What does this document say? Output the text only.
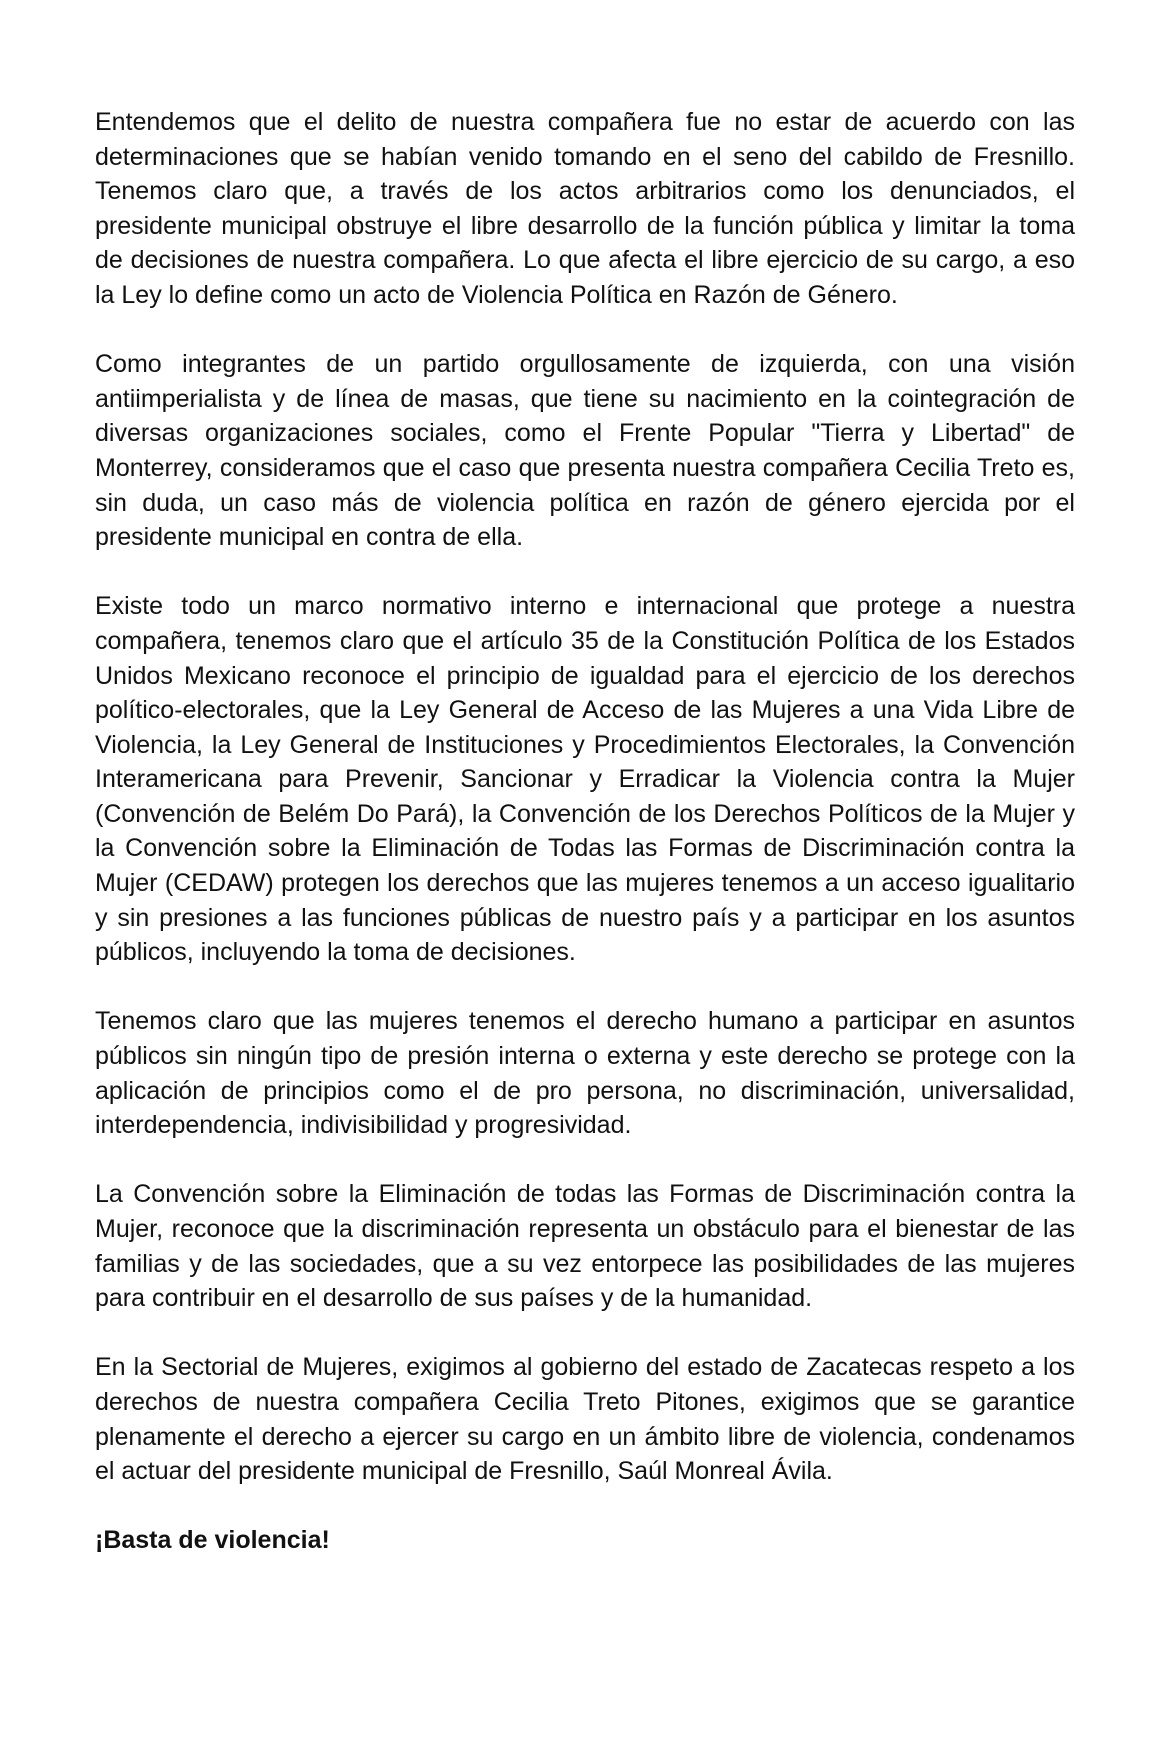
Entendemos que el delito de nuestra compañera fue no estar de acuerdo con las determinaciones que se habían venido tomando en el seno del cabildo de Fresnillo. Tenemos claro que, a través de los actos arbitrarios como los denunciados, el presidente municipal obstruye el libre desarrollo de la función pública y limitar la toma de decisiones de nuestra compañera. Lo que afecta el libre ejercicio de su cargo, a eso la Ley lo define como un acto de Violencia Política en Razón de Género.

Como integrantes de un partido orgullosamente de izquierda, con una visión antiimperialista y de línea de masas, que tiene su nacimiento en la cointegración de diversas organizaciones sociales, como el Frente Popular "Tierra y Libertad" de Monterrey, consideramos que el caso que presenta nuestra compañera Cecilia Treto es, sin duda, un caso más de violencia política en razón de género ejercida por el presidente municipal en contra de ella.

Existe todo un marco normativo interno e internacional que protege a nuestra compañera, tenemos claro que el artículo 35 de la Constitución Política de los Estados Unidos Mexicano reconoce el principio de igualdad para el ejercicio de los derechos político-electorales, que la Ley General de Acceso de las Mujeres a una Vida Libre de Violencia, la Ley General de Instituciones y Procedimientos Electorales, la Convención Interamericana para Prevenir, Sancionar y Erradicar la Violencia contra la Mujer (Convención de Belém Do Pará), la Convención de los Derechos Políticos de la Mujer y la Convención sobre la Eliminación de Todas las Formas de Discriminación contra la Mujer (CEDAW) protegen los derechos que las mujeres tenemos a un acceso igualitario y sin presiones a las funciones públicas de nuestro país y a participar en los asuntos públicos, incluyendo la toma de decisiones.

Tenemos claro que las mujeres tenemos el derecho humano a participar en asuntos públicos sin ningún tipo de presión interna o externa y este derecho se protege con la aplicación de principios como el de pro persona, no discriminación, universalidad, interdependencia, indivisibilidad y progresividad.

La Convención sobre la Eliminación de todas las Formas de Discriminación contra la Mujer, reconoce que la discriminación representa un obstáculo para el bienestar de las familias y de las sociedades, que a su vez entorpece las posibilidades de las mujeres para contribuir en el desarrollo de sus países y de la humanidad.

En la Sectorial de Mujeres, exigimos al gobierno del estado de Zacatecas respeto a los derechos de nuestra compañera Cecilia Treto Pitones, exigimos que se garantice plenamente el derecho a ejercer su cargo en un ámbito libre de violencia, condenamos el actuar del presidente municipal de Fresnillo, Saúl Monreal Ávila.

¡Basta de violencia!
